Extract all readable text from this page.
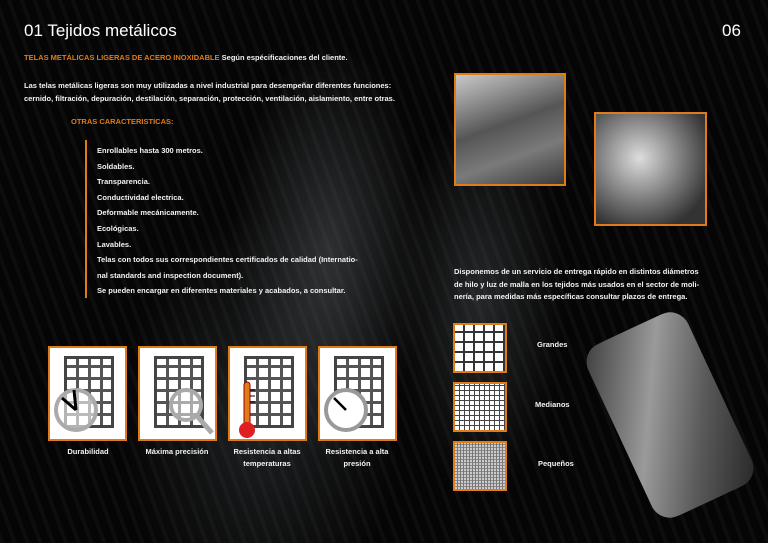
01 Tejidos metálicos	06
TELAS METÁLICAS LIGERAS DE ACERO INOXIDABLE Según espécificaciones del cliente.
Las telas metálicas ligeras son muy utilizadas a nivel industrial para desempeñar diferentes funciones:
cernido, filtración, depuración, destilación, separación, protección, ventilación, aislamiento, entre otras.
OTRAS CARACTERISTICAS:
Enrollables hasta 300 metros.
Soldables.
Transparencia.
Conductividad electrica.
Deformable mecánicamente.
Ecológicas.
Lavables.
Telas con todos sus correspondientes certificados de calidad (Internatio-
nal standards and inspection document).
Se pueden encargar en diferentes materiales y acabados, a consultar.
Disponemos de un servicio de entrega rápido en distintos diámetros
de hilo y luz de malla en los tejidos más usados en el sector de moli-
nería, para medidas más específicas consultar plazos de entrega.
Durabilidad	Máxima precisión	Resistencia a altas temperaturas
Resistencia a alta presión
Grandes
Medianos
Pequeños
